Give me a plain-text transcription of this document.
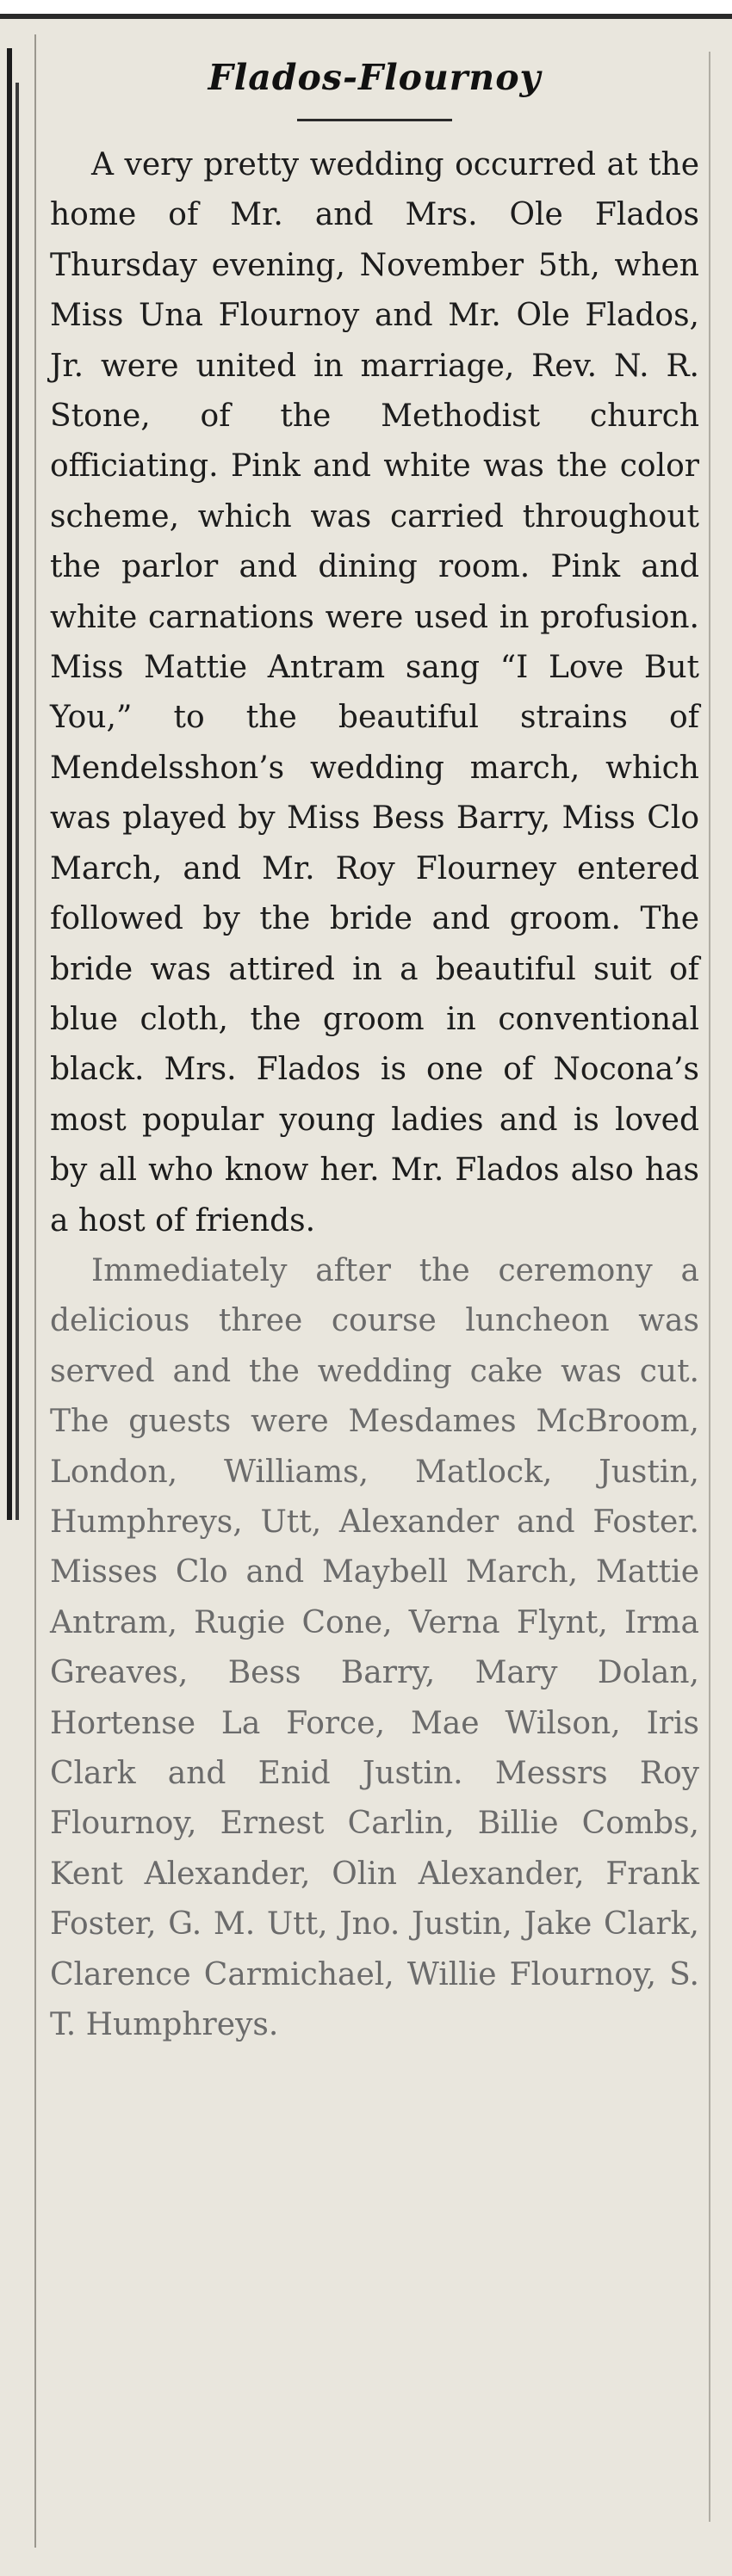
Flados-Flournoy

A very pretty wedding occurred at the home of Mr. and Mrs. Ole Flados Thursday evening, November 5th, when Miss Una Flournoy and Mr. Ole Flados, Jr. were united in marriage, Rev. N. R. Stone, of the Methodist church officiating. Pink and white was the color scheme, which was carried throughout the parlor and dining room. Pink and white carnations were used in profusion. Miss Mattie Antram sang “I Love But You,” to the beautiful strains of Mendelsshon’s wedding march, which was played by Miss Bess Barry, Miss Clo March, and Mr. Roy Flourney entered followed by the bride and groom. The bride was attired in a beautiful suit of blue cloth, the groom in conventional black. Mrs. Flados is one of Nocona’s most popular young ladies and is loved by all who know her. Mr. Flados also has a host of friends.

Immediately after the ceremony a delicious three course luncheon was served and the wedding cake was cut. The guests were Mesdames McBroom, London, Williams, Matlock, Justin, Humphreys, Utt, Alexander and Foster. Misses Clo and Maybell March, Mattie Antram, Rugie Cone, Verna Flynt, Irma Greaves, Bess Barry, Mary Dolan, Hortense La Force, Mae Wilson, Iris Clark and Enid Justin. Messrs Roy Flournoy, Ernest Carlin, Billie Combs, Kent Alexander, Olin Alexander, Frank Foster, G. M. Utt, Jno. Justin, Jake Clark, Clarence Carmichael, Willie Flournoy, S. T. Humphreys.
